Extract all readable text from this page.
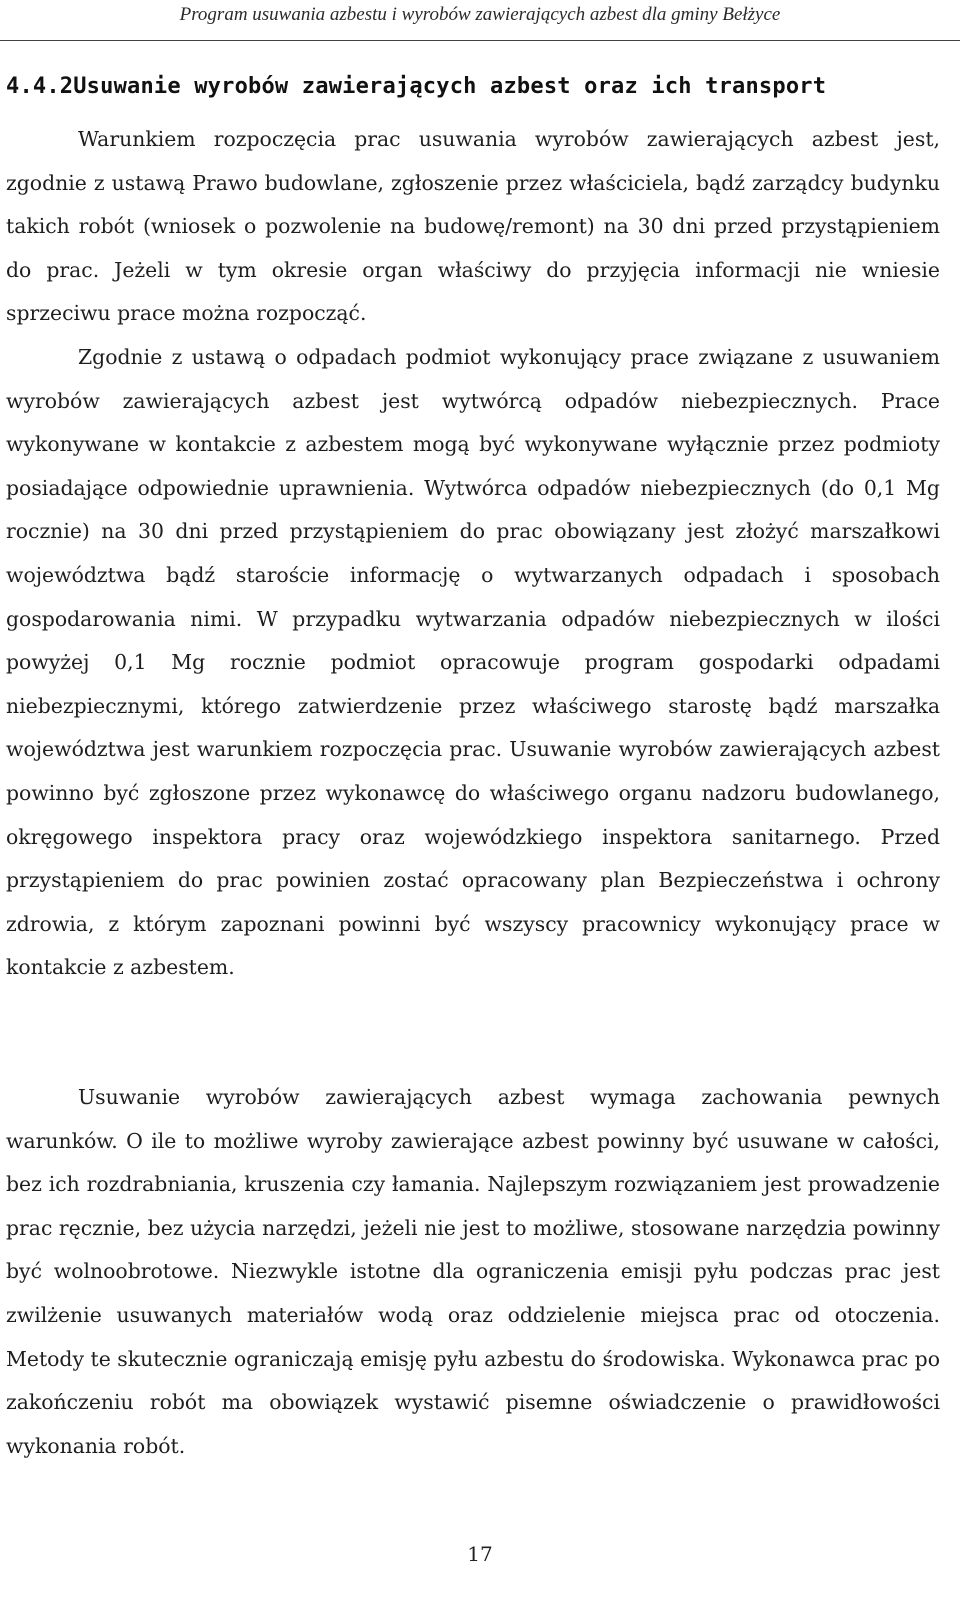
Program usuwania azbestu i wyrobów zawierających azbest dla gminy Bełżyce
4.4.2Usuwanie wyrobów zawierających azbest oraz ich transport

Warunkiem rozpoczęcia prac usuwania wyrobów zawierających azbest jest, zgodnie z ustawą Prawo budowlane, zgłoszenie przez właściciela, bądź zarządcy budynku takich robót (wniosek o pozwolenie na budowę/remont) na 30 dni przed przystąpieniem do prac. Jeżeli w tym okresie organ właściwy do przyjęcia informacji nie wniesie sprzeciwu prace można rozpocząć.

Zgodnie z ustawą o odpadach podmiot wykonujący prace związane z usuwaniem wyrobów zawierających azbest jest wytwórcą odpadów niebezpiecznych. Prace wykonywane w kontakcie z azbestem mogą być wykonywane wyłącznie przez podmioty posiadające odpowiednie uprawnienia. Wytwórca odpadów niebezpiecznych (do 0,1 Mg rocznie) na 30 dni przed przystąpieniem do prac obowiązany jest złożyć marszałkowi województwa bądź staroście informację o wytwarzanych odpadach i sposobach gospodarowania nimi. W przypadku wytwarzania odpadów niebezpiecznych w ilości powyżej 0,1 Mg rocznie podmiot opracowuje program gospodarki odpadami niebezpiecznymi, którego zatwierdzenie przez właściwego starostę bądź marszałka województwa jest warunkiem rozpoczęcia prac. Usuwanie wyrobów zawierających azbest powinno być zgłoszone przez wykonawcę do właściwego organu nadzoru budowlanego, okręgowego inspektora pracy oraz wojewódzkiego inspektora sanitarnego. Przed przystąpieniem do prac powinien zostać opracowany plan Bezpieczeństwa i ochrony zdrowia, z którym zapoznani powinni być wszyscy pracownicy wykonujący prace w kontakcie z azbestem.

Usuwanie wyrobów zawierających azbest wymaga zachowania pewnych warunków. O ile to możliwe wyroby zawierające azbest powinny być usuwane w całości, bez ich rozdrabniania, kruszenia czy łamania. Najlepszym rozwiązaniem jest prowadzenie prac ręcznie, bez użycia narzędzi, jeżeli nie jest to możliwe, stosowane narzędzia powinny być wolnoobrotowe. Niezwykle istotne dla ograniczenia emisji pyłu podczas prac jest zwilżenie usuwanych materiałów wodą oraz oddzielenie miejsca prac od otoczenia. Metody te skutecznie ograniczają emisję pyłu azbestu do środowiska. Wykonawca prac po zakończeniu robót ma obowiązek wystawić pisemne oświadczenie o prawidłowości wykonania robót.

17
